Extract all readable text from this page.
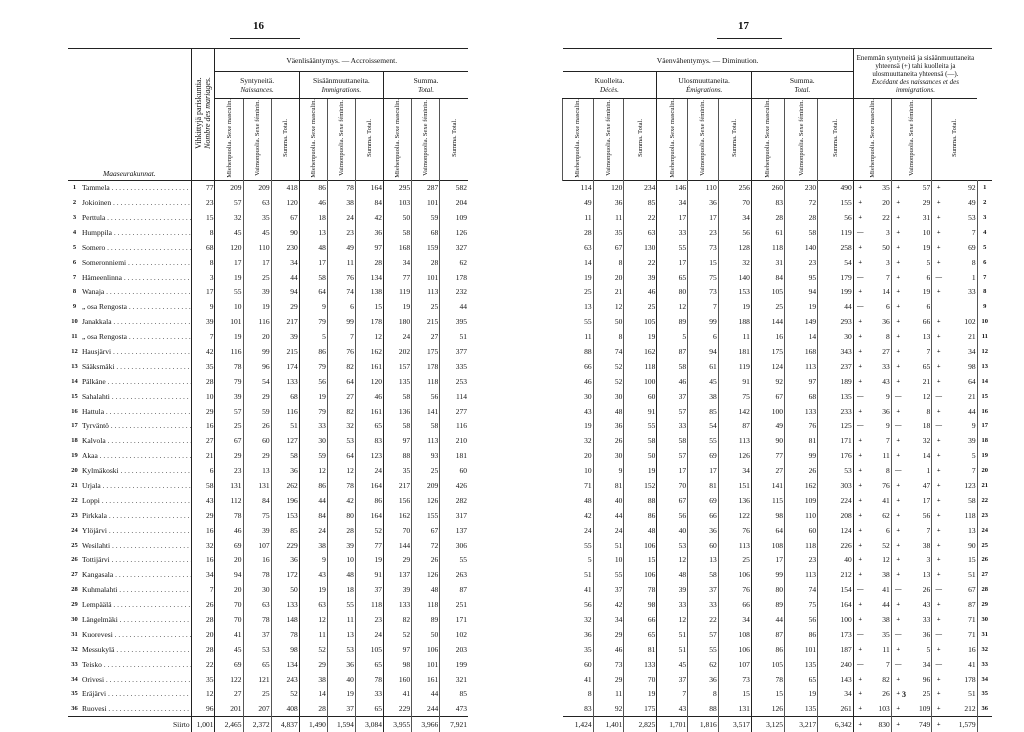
16
Maaseurakunnat.		Vihkittyjä pariskuntia.
Nombre des mariages.	Väenlisääntymys. — Accroissement.								
			Syntyneitä.
Naissances.			Sisäänmuuttaneita.
Immigrations.			Summa.
Total.		
			Miehenpuolia. Sexe masculin.	Vaimonpuolia. Sexe féminin.	Summa. Total.	Miehenpuolia. Sexe masculin.	Vaimonpuolia. Sexe féminin.	Summa. Total.	Miehenpuolia. Sexe masculin.	Vaimonpuolia. Sexe féminin.	Summa. Total.
1	Tammela . . .	77	209	209	418	86	78	164	295	287	582
2	Jokioinen . . .	23	57	63	120	46	38	84	103	101	204
3	Perttula . . .	15	32	35	67	18	24	42	50	59	109
4	Humppila . . .	8	45	45	90	13	23	36	58	68	126
5	Somero . . .	68	120	110	230	48	49	97	168	159	327
6	Someronniemi . . .	8	17	17	34	17	11	28	34	28	62
7	Hämeenlinna . . .	3	19	25	44	58	76	134	77	101	178
8	Wanaja . . .	17	55	39	94	64	74	138	119	113	232
9	„ osa Rengosta . . .	9	10	19	29	9	6	15	19	25	44
10	Janakkala . . .	39	101	116	217	79	99	178	180	215	395
11	„ osa Rengosta . . .	7	19	20	39	5	7	12	24	27	51
12	Hausjärvi . . .	42	116	99	215	86	76	162	202	175	377
13	Sääksmäki . . .	35	78	96	174	79	82	161	157	178	335
14	Pälkäne . . .	28	79	54	133	56	64	120	135	118	253
15	Sahalahti . . .	10	39	29	68	19	27	46	58	56	114
16	Hattula . . .	29	57	59	116	79	82	161	136	141	277
17	Tyrväntö . . .	16	25	26	51	33	32	65	58	58	116
18	Kalvola . . .	27	67	60	127	30	53	83	97	113	210
19	Akaa . . .	21	29	29	58	59	64	123	88	93	181
20	Kylmäkoski . . .	6	23	13	36	12	12	24	35	25	60
21	Urjala . . .	58	131	131	262	86	78	164	217	209	426
22	Loppi . . .	43	112	84	196	44	42	86	156	126	282
23	Pirkkala . . .	29	78	75	153	84	80	164	162	155	317
24	Ylöjärvi . . .	16	46	39	85	24	28	52	70	67	137
25	Wesilahti . . .	32	69	107	229	38	39	77	144	72	306
26	Tottijärvi . . .	16	20	16	36	9	10	19	29	26	55
27	Kangasala . . .	34	94	78	172	43	48	91	137	126	263
28	Kuhmalahti . . .	7	20	30	50	19	18	37	39	48	87
29	Lempäälä . . .	26	70	63	133	63	55	118	133	118	251
30	Längelmäki . . .	28	70	78	148	12	11	23	82	89	171
31	Kuorevesi . . .	20	41	37	78	11	13	24	52	50	102
32	Messukylä . . .	28	45	53	98	52	53	105	97	106	203
33	Teisko . . .	22	69	65	134	29	36	65	98	101	199
34	Orivesi . . .	35	122	121	243	38	40	78	160	161	321
35	Eräjärvi . . .	12	27	25	52	14	19	33	41	44	85
36	Ruovesi . . .	96	201	207	408	28	37	65	229	244	473
Siirto		1,001	2,465	2,372	4,837	1,490	1,594	3,084	3,955	3,966	7,921
17
Väenvähentymys. — Diminution.									Enemmän syntyneitä ja sisäänmuuttaneita yhteensä (+) tahi kuolleita ja ulosmuuttaneita yhteensä (—).
Excédant des naissances et des immigrations.						
Kuolleita.
Décès.			Ulosmuuttaneita.
Émigrations.			Summa.
Total.									
Miehenpuolia. Sexe masculin.	Vaimonpuolia. Sexe féminin.	Summa. Total.	Miehenpuolia. Sexe masculin.	Vaimonpuolia. Sexe féminin.	Summa. Total.	Miehenpuolia. Sexe masculin.	Vaimonpuolia. Sexe féminin.	Summa. Total.	Miehenpuolia. Sexe masculin.		Vaimonpuolia. Sexe féminin.		Summa. Total.		
114	120	234	146	110	256	260	230	490	+	35	+	57	+	92	1
49	36	85	34	36	70	83	72	155	+	20	+	29	+	49	2
11	11	22	17	17	34	28	28	56	+	22	+	31	+	53	3
28	35	63	33	23	56	61	58	119	—	3	+	10	+	7	4
63	67	130	55	73	128	118	140	258	+	50	+	19	+	69	5
14	8	22	17	15	32	31	23	54	+	3	+	5	+	8	6
19	20	39	65	75	140	84	95	179	—	7	+	6	—	1	7
25	21	46	80	73	153	105	94	199	+	14	+	19	+	33	8
13	12	25	12	7	19	25	19	44	—	6	+	6			9
55	50	105	89	99	188	144	149	293	+	36	+	66	+	102	10
11	8	19	5	6	11	16	14	30	+	8	+	13	+	21	11
88	74	162	87	94	181	175	168	343	+	27	+	7	+	34	12
66	52	118	58	61	119	124	113	237	+	33	+	65	+	98	13
46	52	100	46	45	91	92	97	189	+	43	+	21	+	64	14
30	30	60	37	38	75	67	68	135	—	9	—	12	—	21	15
43	48	91	57	85	142	100	133	233	+	36	+	8	+	44	16
19	36	55	33	54	87	49	76	125	—	9	—	18	—	9	17
32	26	58	58	55	113	90	81	171	+	7	+	32	+	39	18
20	30	50	57	69	126	77	99	176	+	11	+	14	+	5	19
10	9	19	17	17	34	27	26	53	+	8	—	1	+	7	20
71	81	152	70	81	151	141	162	303	+	76	+	47	+	123	21
48	40	88	67	69	136	115	109	224	+	41	+	17	+	58	22
42	44	86	56	66	122	98	110	208	+	62	+	56	+	118	23
24	24	48	40	36	76	64	60	124	+	6	+	7	+	13	24
55	51	106	53	60	113	108	118	226	+	52	+	38	+	90	25
5	10	15	12	13	25	17	23	40	+	12	+	3	+	15	26
51	55	106	48	58	106	99	113	212	+	38	+	13	+	51	27
41	37	78	39	37	76	80	74	154	—	41	—	26	—	67	28
56	42	98	33	33	66	89	75	164	+	44	+	43	+	87	29
32	34	66	12	22	34	44	56	100	+	38	+	33	+	71	30
36	29	65	51	57	108	87	86	173	—	35	—	36	—	71	31
35	46	81	51	55	106	86	101	187	+	11	+	5	+	16	32
60	73	133	45	62	107	105	135	240	—	7	—	34	—	41	33
41	29	70	37	36	73	78	65	143	+	82	+	96	+	178	34
8	11	19	7	8	15	15	19	34	+	26	+	25	+	51	35
83	92	175	43	88	131	126	135	261	+	103	+	109	+	212	36
1,424	1,401	2,825	1,701	1,816	3,517	3,125	3,217	6,342	+	830	+	749	+	1,579	
3
